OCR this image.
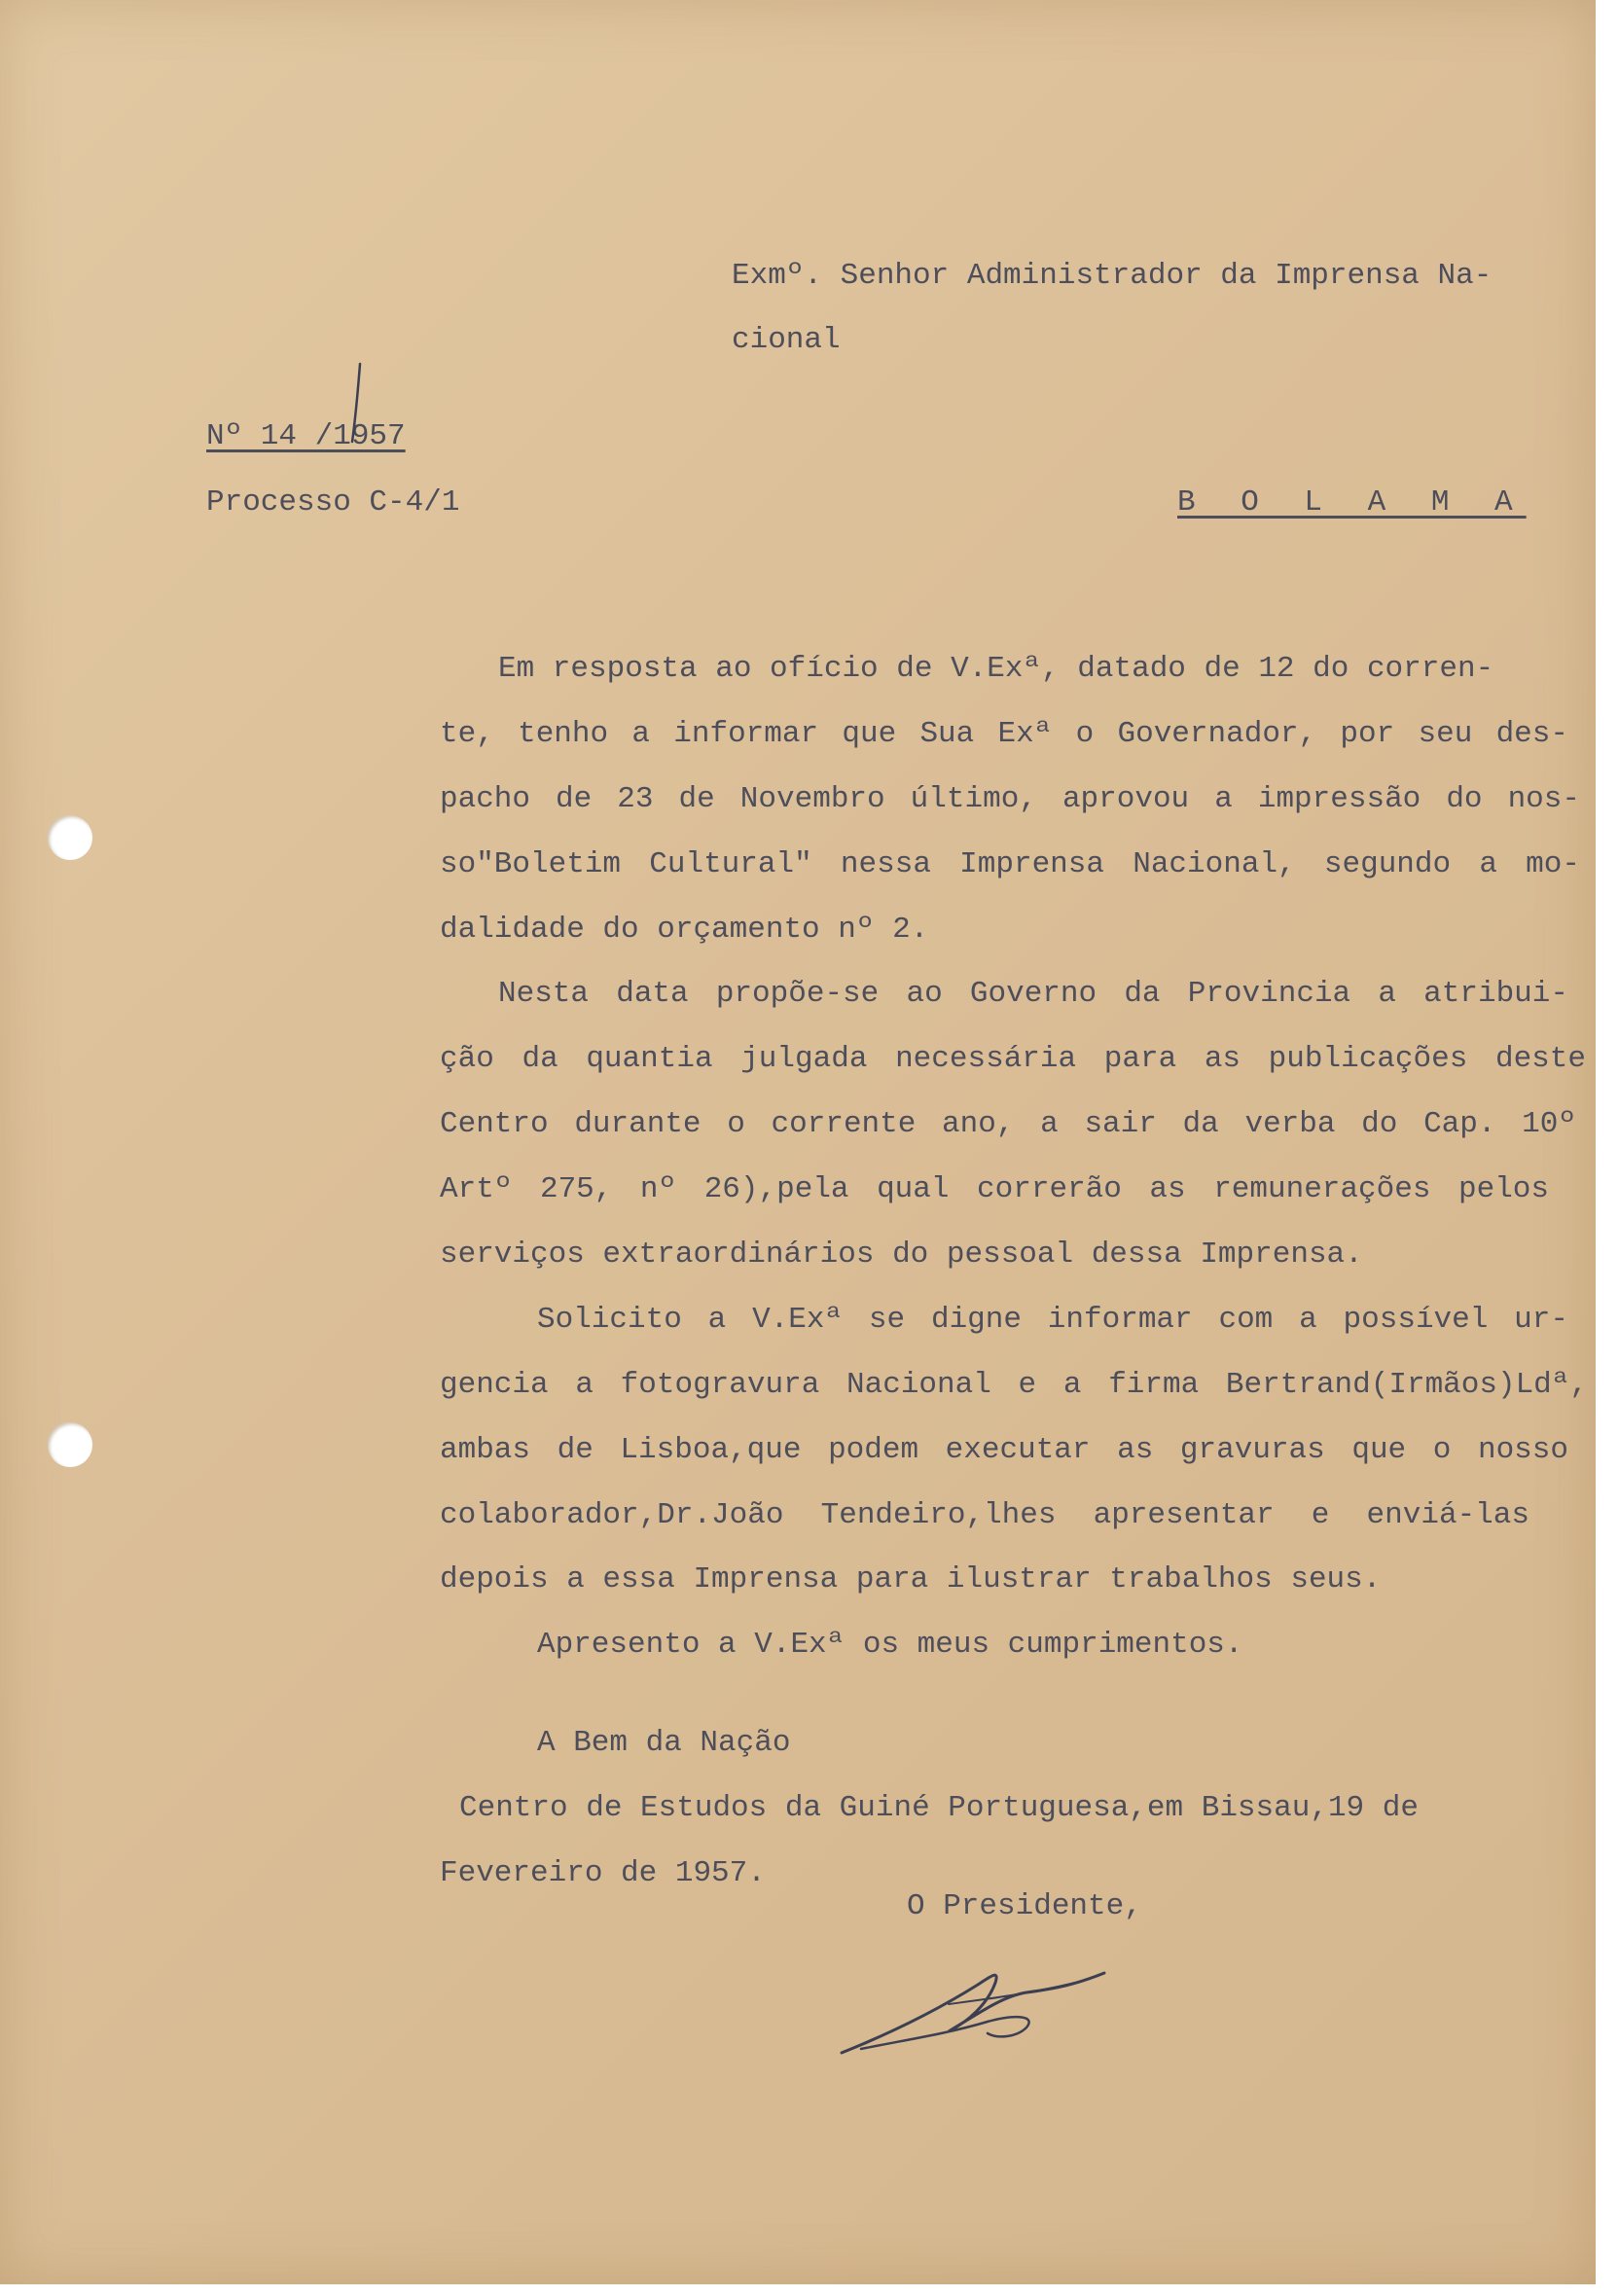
Exmº. Senhor Administrador da Imprensa Na-

cional

Nº 14 /1957

Processo C-4/1	B O L A M A

Em resposta ao ofício de V.Exª, datado de 12 do corren-

te, tenho a informar que Sua Exª o Governador, por seu des-

pacho de 23 de Novembro último, aprovou a impressão do nos-

so"Boletim Cultural" nessa Imprensa Nacional, segundo a mo-

dalidade do orçamento nº 2.

Nesta data propõe-se ao Governo da Provincia a atribui-

ção da quantia julgada necessária para as publicações deste

Centro durante o corrente ano, a sair da verba do Cap. 10º

Artº 275, nº 26),pela qual correrão as remunerações pelos

serviços extraordinários do pessoal dessa Imprensa.

Solicito a V.Exª se digne informar com a possível ur-

gencia a fotogravura Nacional e a firma Bertrand(Irmãos)Ldª,

ambas de Lisboa,que podem executar as gravuras que o nosso

colaborador,Dr.João Tendeiro,lhes apresentar e enviá-las

depois a essa Imprensa para ilustrar trabalhos seus.

Apresento a V.Exª os meus cumprimentos.

A Bem da Nação

Centro de Estudos da Guiné Portuguesa,em Bissau,19 de

Fevereiro de 1957.

O Presidente,
